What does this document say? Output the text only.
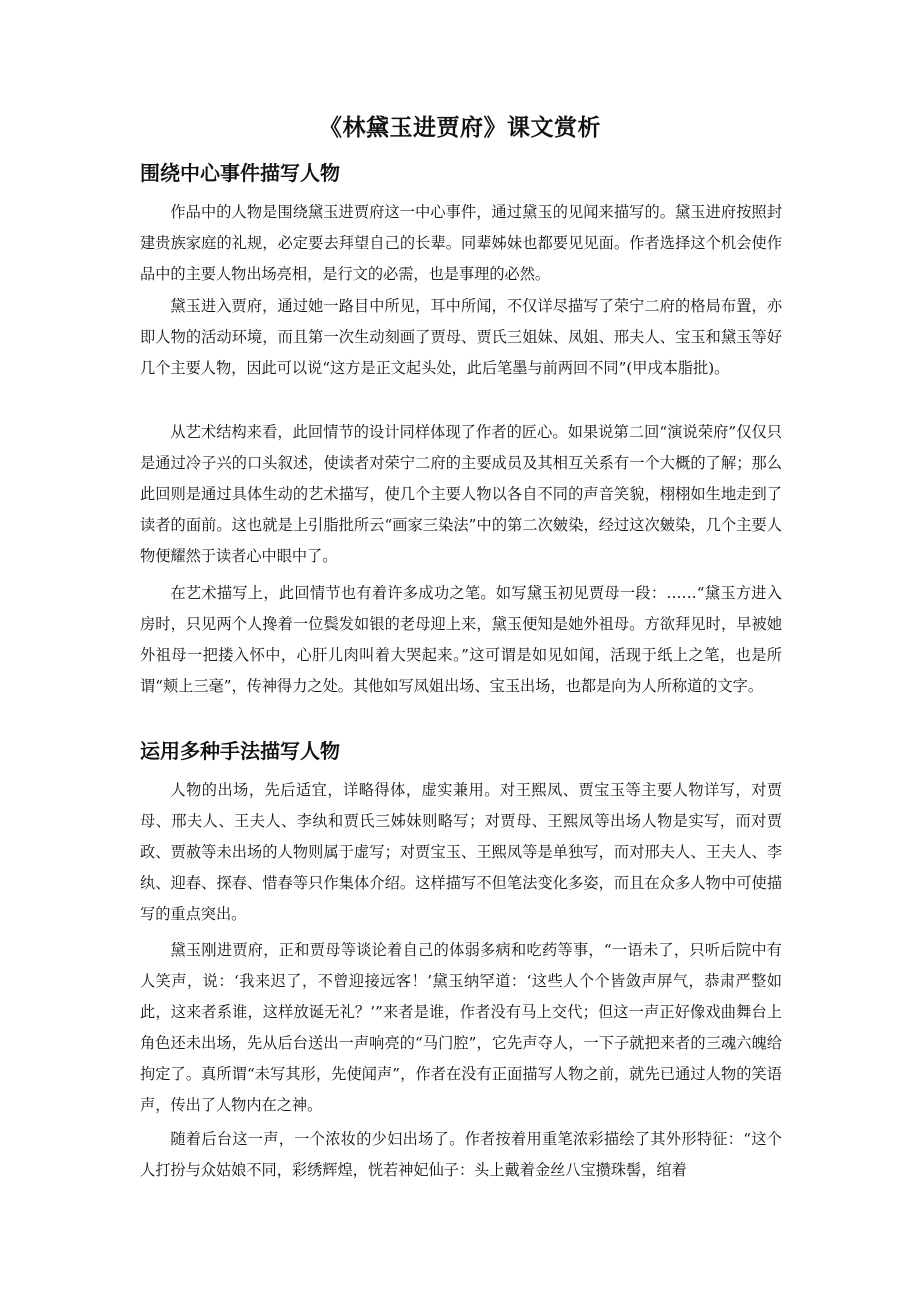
《林黛玉进贾府》课文赏析
围绕中心事件描写人物

作品中的人物是围绕黛玉进贾府这一中心事件，通过黛玉的见闻来描写的。黛玉进府按照封建贵族家庭的礼规，必定要去拜望自己的长辈。同辈姊妹也都要见见面。作者选择这个机会使作品中的主要人物出场亮相，是行文的必需，也是事理的必然。

黛玉进入贾府，通过她一路目中所见，耳中所闻，不仅详尽描写了荣宁二府的格局布置，亦即人物的活动环境，而且第一次生动刻画了贾母、贾氏三姐妹、凤姐、邢夫人、宝玉和黛玉等好几个主要人物，因此可以说“这方是正文起头处，此后笔墨与前两回不同”(甲戌本脂批)。

从艺术结构来看，此回情节的设计同样体现了作者的匠心。如果说第二回“演说荣府”仅仅只是通过冷子兴的口头叙述，使读者对荣宁二府的主要成员及其相互关系有一个大概的了解；那么此回则是通过具体生动的艺术描写，使几个主要人物以各自不同的声音笑貌，栩栩如生地走到了读者的面前。这也就是上引脂批所云“画家三染法”中的第二次皴染，经过这次皴染，几个主要人物便耀然于读者心中眼中了。

在艺术描写上，此回情节也有着许多成功之笔。如写黛玉初见贾母一段：……“黛玉方进入房时，只见两个人搀着一位鬓发如银的老母迎上来，黛玉便知是她外祖母。方欲拜见时，早被她外祖母一把搂入怀中，心肝儿肉叫着大哭起来。”这可谓是如见如闻，活现于纸上之笔，也是所谓“颊上三毫”，传神得力之处。其他如写凤姐出场、宝玉出场，也都是向为人所称道的文字。

运用多种手法描写人物

人物的出场，先后适宜，详略得体，虚实兼用。对王熙凤、贾宝玉等主要人物详写，对贾母、邢夫人、王夫人、李纨和贾氏三姊妹则略写；对贾母、王熙凤等出场人物是实写，而对贾政、贾赦等未出场的人物则属于虚写；对贾宝玉、王熙凤等是单独写，而对邢夫人、王夫人、李纨、迎春、探春、惜春等只作集体介绍。这样描写不但笔法变化多姿，而且在众多人物中可使描写的重点突出。

黛玉刚进贾府，正和贾母等谈论着自己的体弱多病和吃药等事，“一语未了，只听后院中有人笑声，说：‘我来迟了，不曾迎接远客！’黛玉纳罕道：‘这些人个个皆敛声屏气，恭肃严整如此，这来者系谁，这样放诞无礼？’”来者是谁，作者没有马上交代；但这一声正好像戏曲舞台上角色还未出场，先从后台送出一声响亮的“马门腔”，它先声夺人，一下子就把来者的三魂六魄给拘定了。真所谓“未写其形，先使闻声”，作者在没有正面描写人物之前，就先已通过人物的笑语声，传出了人物内在之神。

随着后台这一声，一个浓妆的少妇出场了。作者按着用重笔浓彩描绘了其外形特征：“这个人打扮与众姑娘不同，彩绣辉煌，恍若神妃仙子：头上戴着金丝八宝攒珠髻，绾着
